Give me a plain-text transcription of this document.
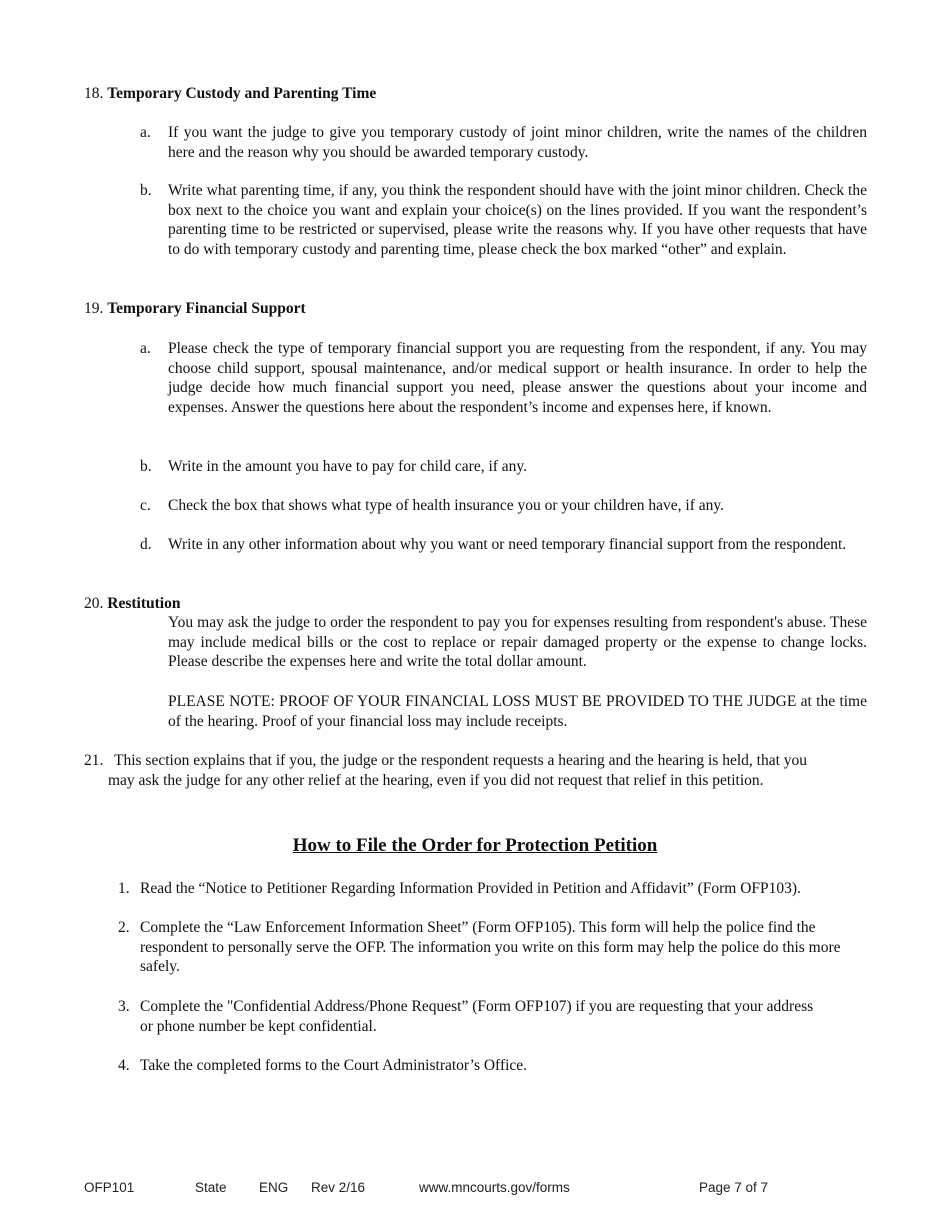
18. Temporary Custody and Parenting Time
a.	If you want the judge to give you temporary custody of joint minor children, write the names of the children here and the reason why you should be awarded temporary custody.
b.	Write what parenting time, if any, you think the respondent should have with the joint minor children. Check the box next to the choice you want and explain your choice(s) on the lines provided. If you want the respondent’s parenting time to be restricted or supervised, please write the reasons why. If you have other requests that have to do with temporary custody and parenting time, please check the box marked “other” and explain.
19. Temporary Financial Support
a.	Please check the type of temporary financial support you are requesting from the respondent, if any. You may choose child support, spousal maintenance, and/or medical support or health insurance. In order to help the judge decide how much financial support you need, please answer the questions about your income and expenses. Answer the questions here about the respondent’s income and expenses here, if known.
b.	Write in the amount you have to pay for child care, if any.
c.	Check the box that shows what type of health insurance you or your children have, if any.
d.	Write in any other information about why you want or need temporary financial support from the respondent.
20. Restitution
You may ask the judge to order the respondent to pay you for expenses resulting from respondent's abuse. These may include medical bills or the cost to replace or repair damaged property or the expense to change locks. Please describe the expenses here and write the total dollar amount.
PLEASE NOTE: PROOF OF YOUR FINANCIAL LOSS MUST BE PROVIDED TO THE JUDGE at the time of the hearing. Proof of your financial loss may include receipts.
21. This section explains that if you, the judge or the respondent requests a hearing and the hearing is held, that you
may ask the judge for any other relief at the hearing, even if you did not request that relief in this petition.
How to File the Order for Protection Petition
1. Read the “Notice to Petitioner Regarding Information Provided in Petition and Affidavit” (Form OFP103).
2. Complete the “Law Enforcement Information Sheet” (Form OFP105). This form will help the police find the respondent to personally serve the OFP. The information you write on this form may help the police do this more safely.
3. Complete the "Confidential Address/Phone Request” (Form OFP107) if you are requesting that your address or phone number be kept confidential.
4. Take the completed forms to the Court Administrator’s Office.
OFP101	State ENG Rev 2/16	www.mncourts.gov/forms	Page 7 of 7
